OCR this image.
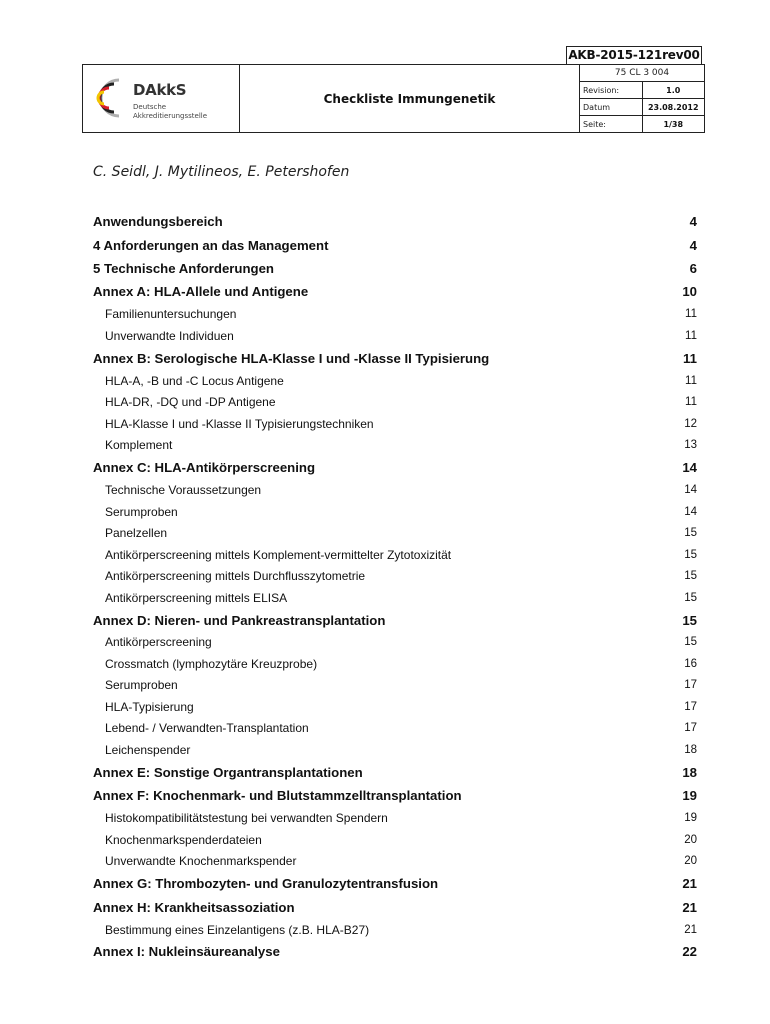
AKB-2015-121rev00
DAkkS
Deutsche
Akkreditierungsstelle
	Checkliste Immungenetik	
75 CL 3 004
Revision:	1.0
Datum	23.08.2012
Seite:	1/38
C. Seidl, J. Mytilineos, E. Petershofen
Anwendungsbereich	4
4 Anforderungen an das Management	4
5 Technische Anforderungen	6
Annex A: HLA-Allele und Antigene	10
Familienuntersuchungen	11
Unverwandte Individuen	11
Annex B: Serologische HLA-Klasse I und -Klasse II Typisierung	11
HLA-A, -B und -C Locus Antigene	11
HLA-DR, -DQ und -DP Antigene	11
HLA-Klasse I und -Klasse II Typisierungstechniken	12
Komplement	13
Annex C: HLA-Antikörperscreening	14
Technische Voraussetzungen	14
Serumproben	14
Panelzellen	15
Antikörperscreening mittels Komplement-vermittelter Zytotoxizität	15
Antikörperscreening mittels Durchflusszytometrie	15
Antikörperscreening mittels ELISA	15
Annex D: Nieren- und Pankreastransplantation	15
Antikörperscreening	15
Crossmatch (lymphozytäre Kreuzprobe)	16
Serumproben	17
HLA-Typisierung	17
Lebend- / Verwandten-Transplantation	17
Leichenspender	18
Annex E: Sonstige Organtransplantationen	18
Annex F: Knochenmark- und Blutstammzelltransplantation	19
Histokompatibilitätstestung bei verwandten Spendern	19
Knochenmarkspenderdateien	20
Unverwandte Knochenmarkspender	20
Annex G: Thrombozyten- und Granulozytentransfusion	21
Annex H: Krankheitsassoziation	21
Bestimmung eines Einzelantigens (z.B. HLA-B27)	21
Annex I: Nukleinsäureanalyse	22
